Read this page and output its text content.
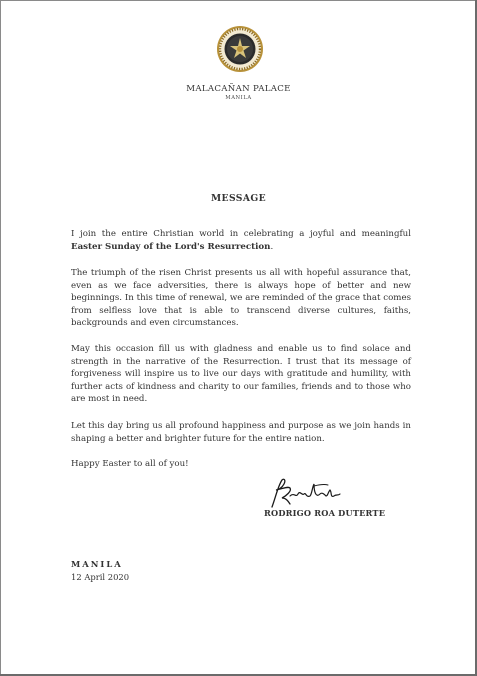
MALACAÑAN PALACE
MANILA
MESSAGE
I join the entire Christian world in celebrating a joyful and meaningful Easter Sunday of the Lord's Resurrection.
The triumph of the risen Christ presents us all with hopeful assurance that, even as we face adversities, there is always hope of better and new beginnings. In this time of renewal, we are reminded of the grace that comes from selfless love that is able to transcend diverse cultures, faiths, backgrounds and even circumstances.
May this occasion fill us with gladness and enable us to find solace and strength in the narrative of the Resurrection. I trust that its message of forgiveness will inspire us to live our days with gratitude and humility, with further acts of kindness and charity to our families, friends and to those who are most in need.
Let this day bring us all profound happiness and purpose as we join hands in shaping a better and brighter future for the entire nation.
Happy Easter to all of you!
RODRIGO ROA DUTERTE
MANILA
12 April 2020
